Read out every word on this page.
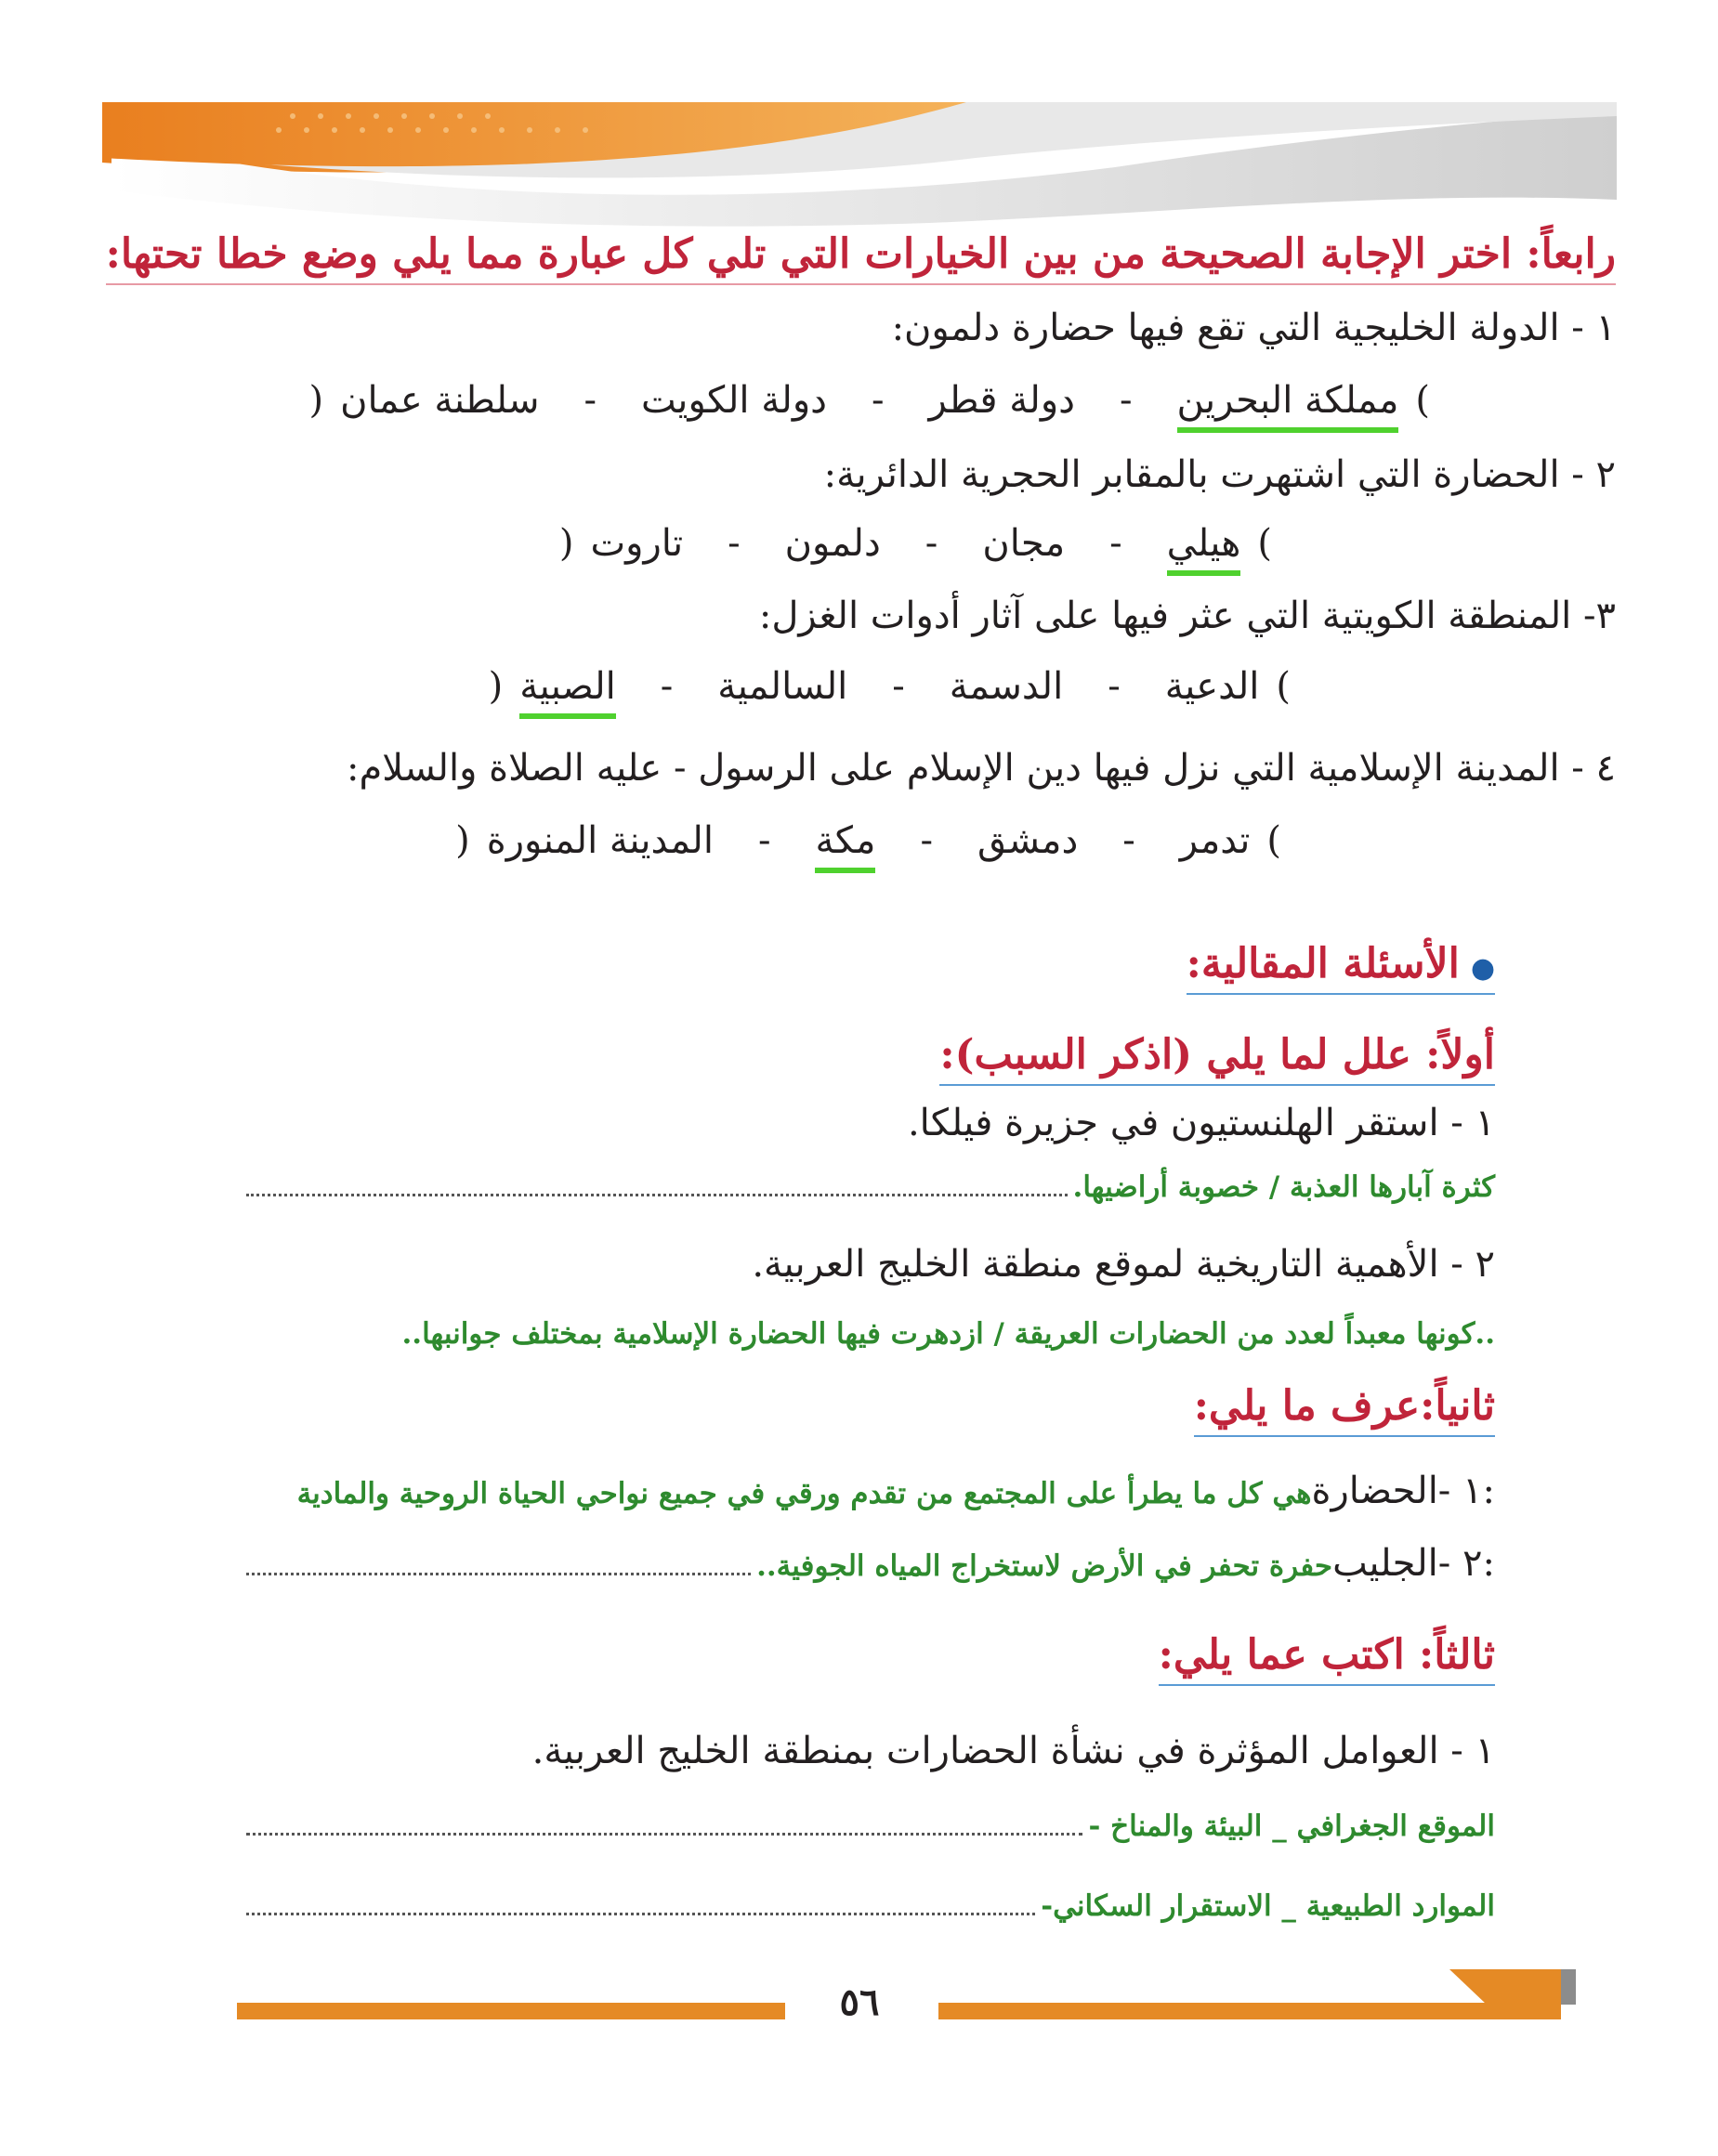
رابعاً: اختر الإجابة الصحيحة من بين الخيارات التي تلي كل عبارة مما يلي وضع خطا تحتها:
١ - الدولة الخليجية التي تقع فيها حضارة دلمون:
(
مملكة البحرين
-
دولة قطر
-
دولة الكويت
-
سلطنة عمان
)
٢ - الحضارة التي اشتهرت بالمقابر الحجرية الدائرية:
(
هيلي
-
مجان
-
دلمون
-
تاروت
)
٣- المنطقة الكويتية التي عثر فيها على آثار أدوات الغزل:
(
الدعية
-
الدسمة
-
السالمية
-
الصبية
)
٤ - المدينة الإسلامية التي نزل فيها دين الإسلام على الرسول - عليه الصلاة والسلام:
(
تدمر
-
دمشق
-
مكة
-
المدينة المنورة
)
●الأسئلة المقالية:
أولاً: علل لما يلي (اذكر السبب):
١ - استقر الهلنستيون في جزيرة فيلكا.
.كثرة آبارها العذبة / خصوبة أراضيها
٢ - الأهمية التاريخية لموقع منطقة الخليج العربية.
..كونها معبداً لعدد من الحضارات العريقة / ازدهرت فيها الحضارة الإسلامية بمختلف جوانبها..
ثانياً:عرف ما يلي:
١ -الحضارة:
هي كل ما يطرأ على المجتمع من تقدم ورقي في جميع نواحي الحياة الروحية والمادية
٢ -الجليب:
..حفرة تحفر في الأرض لاستخراج المياه الجوفية
ثالثاً: اكتب عما يلي:
١ - العوامل المؤثرة في نشأة الحضارات بمنطقة الخليج العربية.
- الموقع الجغرافي _ البيئة والمناخ
-الموارد الطبيعية _ الاستقرار السكاني
٥٦
